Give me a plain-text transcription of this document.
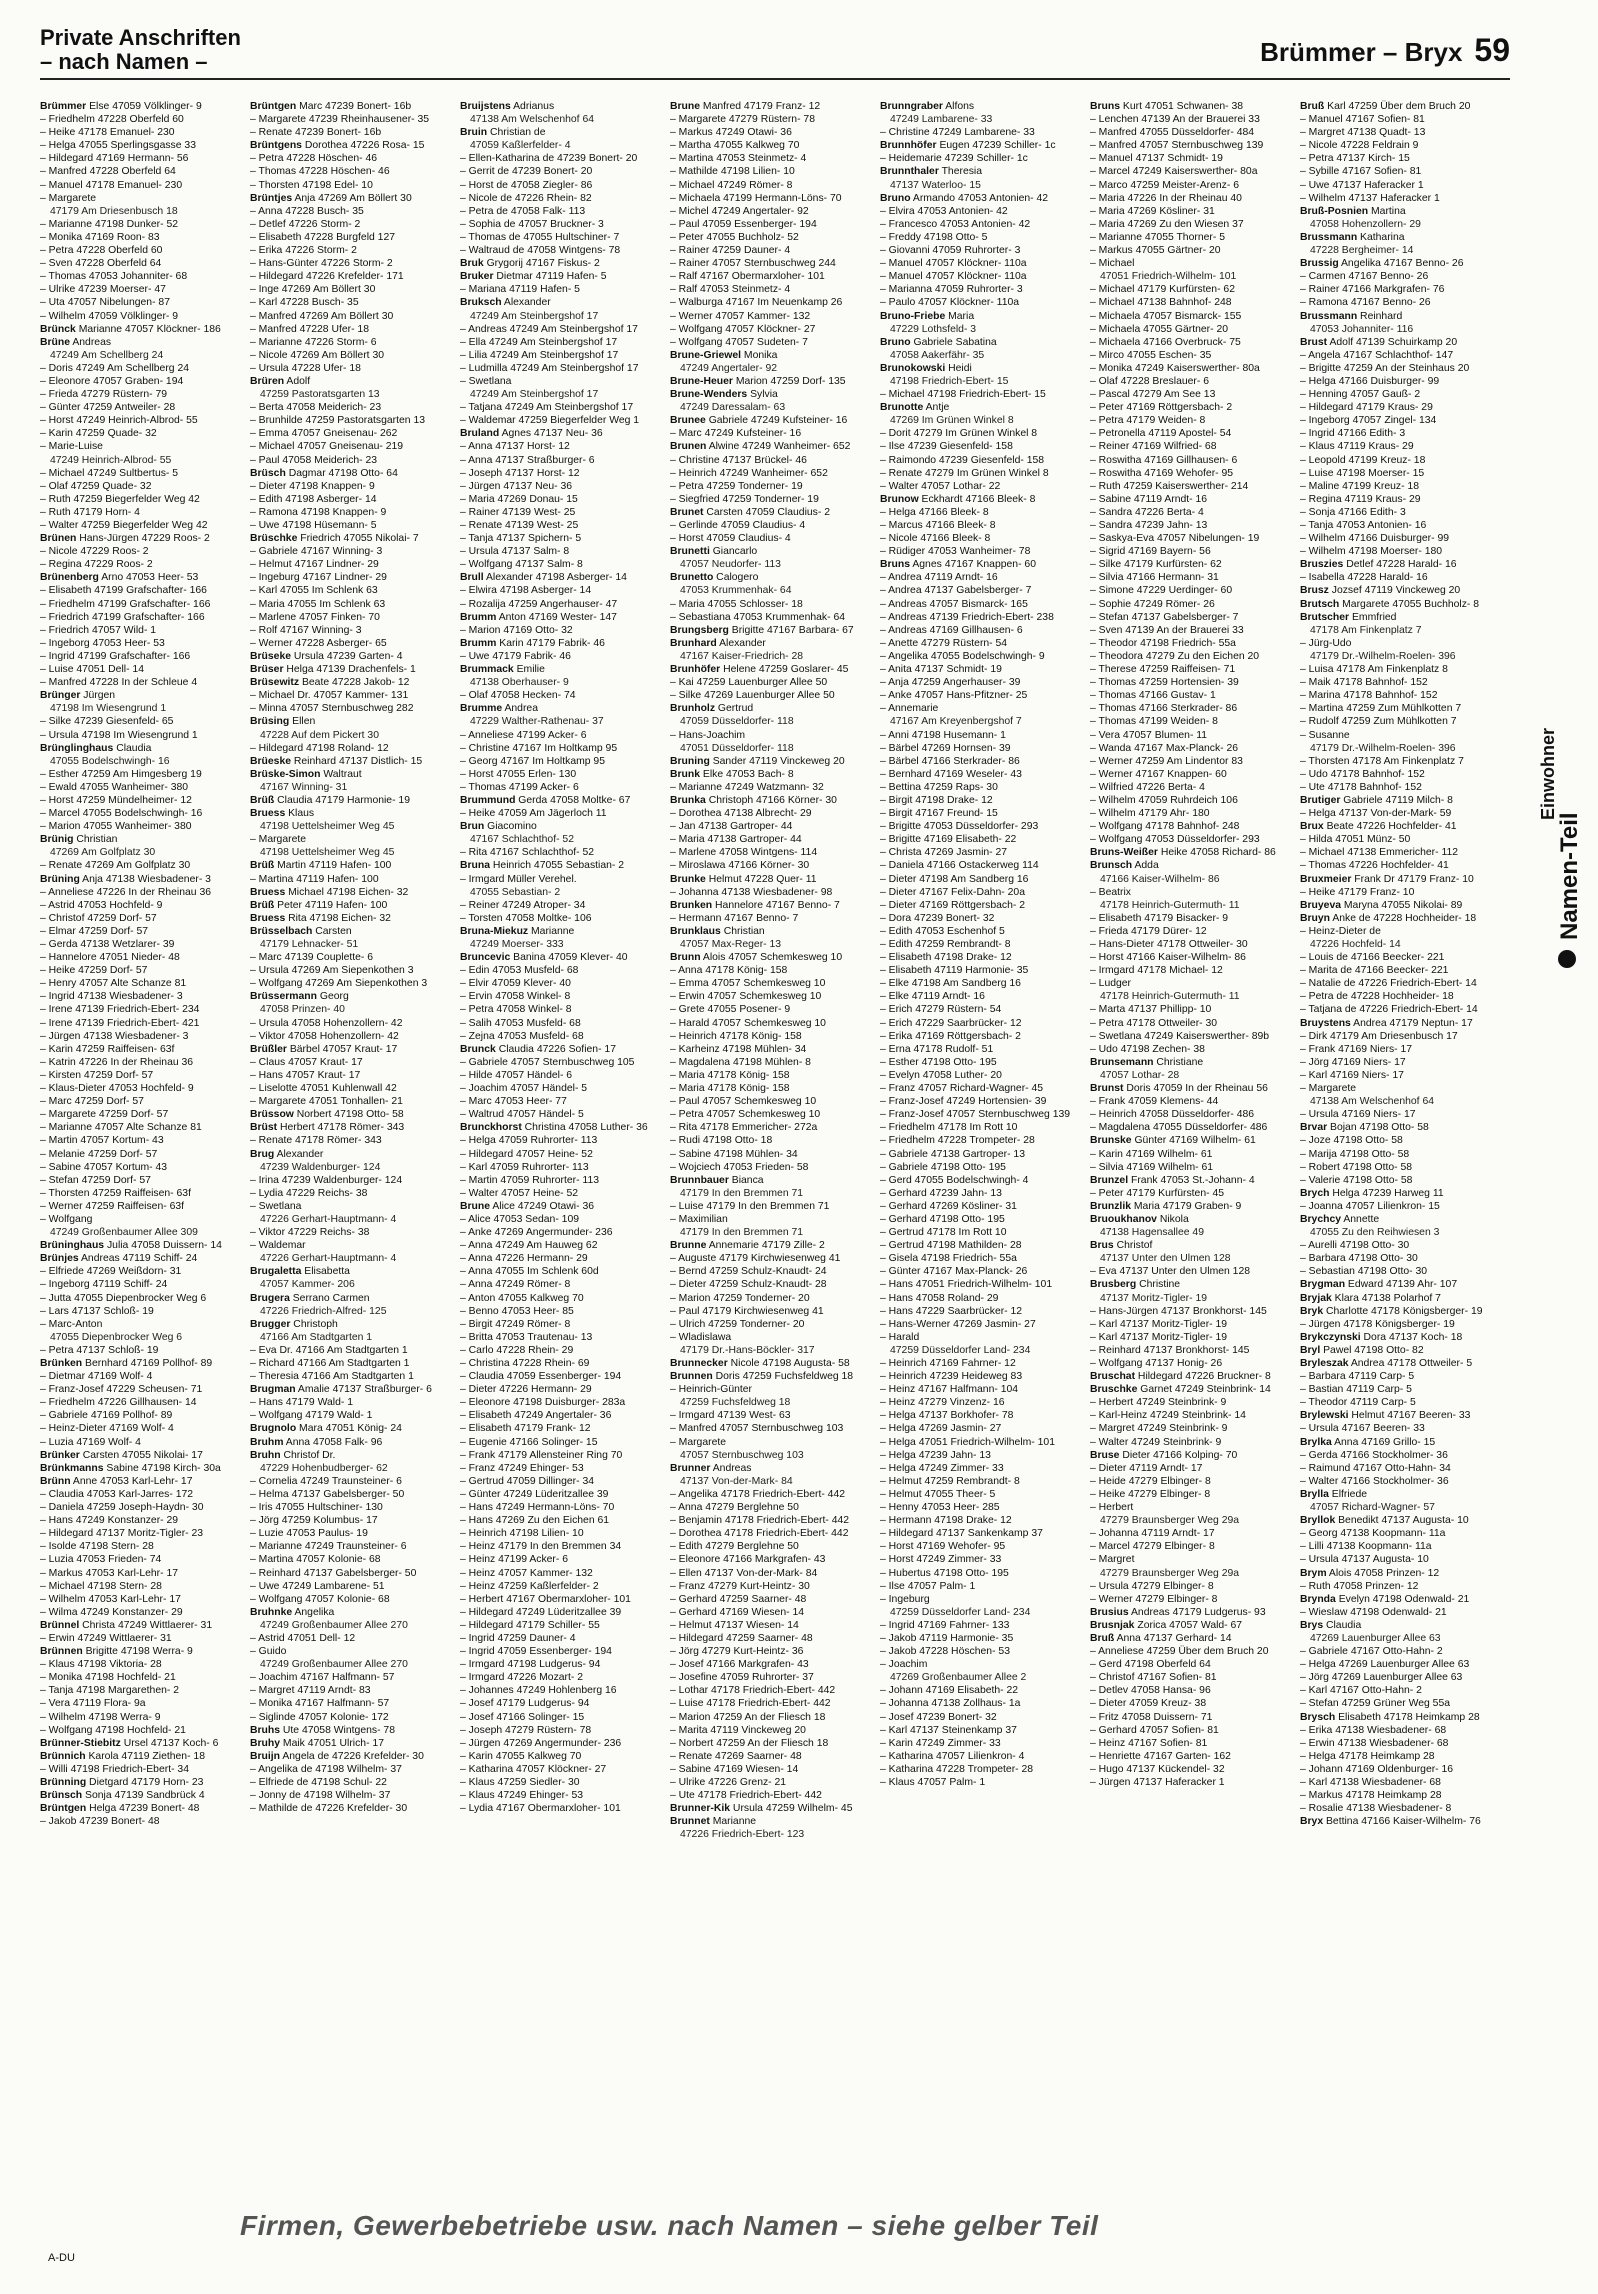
Private Anschriften
– nach Namen –	Brümmer – Bryx 59
Brümmer Else 47059 Völklinger- 9
– Friedhelm 47228 Oberfeld 60
– Heike 47178 Emanuel- 230
– Helga 47055 Sperlingsgasse 33
– Hildegard 47169 Hermann- 56
– Manfred 47228 Oberfeld 64
– Manuel 47178 Emanuel- 230
– Margarete
47179 Am Driesenbusch 18
– Marianne 47198 Dunker- 52
– Monika 47169 Roon- 83
– Petra 47228 Oberfeld 60
– Sven 47228 Oberfeld 64
– Thomas 47053 Johanniter- 68
– Ulrike 47239 Moerser- 47
– Uta 47057 Nibelungen- 87
– Wilhelm 47059 Völklinger- 9
Brünck Marianne 47057 Klöckner- 186
Brüne Andreas
47249 Am Schellberg 24
– Doris 47249 Am Schellberg 24
– Eleonore 47057 Graben- 194
– Frieda 47279 Rüstern- 79
– Günter 47259 Antweiler- 28
– Horst 47249 Heinrich-Albrod- 55
– Karin 47259 Quade- 32
– Marie-Luise
47249 Heinrich-Albrod- 55
– Michael 47249 Sultbertus- 5
– Olaf 47259 Quade- 32
– Ruth 47259 Biegerfelder Weg 42
– Ruth 47179 Horn- 4
– Walter 47259 Biegerfelder Weg 42
Brünen Hans-Jürgen 47229 Roos- 2
– Nicole 47229 Roos- 2
– Regina 47229 Roos- 2
Brünenberg Arno 47053 Heer- 53
– Elisabeth 47199 Grafschafter- 166
– Friedhelm 47199 Grafschafter- 166
– Friedrich 47199 Grafschafter- 166
– Friedrich 47057 Wild- 1
– Ingeborg 47053 Heer- 53
– Ingrid 47199 Grafschafter- 166
– Luise 47051 Dell- 14
– Manfred 47228 In der Schleue 4
Brünger Jürgen
47198 Im Wiesengrund 1
– Silke 47239 Giesenfeld- 65
– Ursula 47198 Im Wiesengrund 1
Brünglinghaus Claudia
47055 Bodelschwingh- 16
– Esther 47259 Am Himgesberg 19
– Ewald 47055 Wanheimer- 380
– Horst 47259 Mündelheimer- 12
– Marcel 47055 Bodelschwingh- 16
– Marion 47055 Wanheimer- 380
Brünig Christian
47269 Am Golfplatz 30
– Renate 47269 Am Golfplatz 30
Brüning Anja 47138 Wiesbadener- 3
– Anneliese 47226 In der Rheinau 36
– Astrid 47053 Hochfeld- 9
– Christof 47259 Dorf- 57
– Elmar 47259 Dorf- 57
– Gerda 47138 Wetzlarer- 39
– Hannelore 47051 Nieder- 48
– Heike 47259 Dorf- 57
– Henry 47057 Alte Schanze 81
– Ingrid 47138 Wiesbadener- 3
– Irene 47139 Friedrich-Ebert- 234
– Irene 47139 Friedrich-Ebert- 421
– Jürgen 47138 Wiesbadener- 3
– Karin 47259 Raiffeisen- 63f
– Katrin 47226 In der Rheinau 36
– Kirsten 47259 Dorf- 57
– Klaus-Dieter 47053 Hochfeld- 9
– Marc 47259 Dorf- 57
– Margarete 47259 Dorf- 57
– Marianne 47057 Alte Schanze 81
– Martin 47057 Kortum- 43
– Melanie 47259 Dorf- 57
– Sabine 47057 Kortum- 43
– Stefan 47259 Dorf- 57
– Thorsten 47259 Raiffeisen- 63f
– Werner 47259 Raiffeisen- 63f
– Wolfgang
47249 Großenbaumer Allee 309
Brüninghaus Julia 47058 Duissern- 14
Brünjes Andreas 47119 Schiff- 24
– Elfriede 47269 Weißdorn- 31
– Ingeborg 47119 Schiff- 24
– Jutta 47055 Diepenbrocker Weg 6
– Lars 47137 Schloß- 19
– Marc-Anton
47055 Diepenbrocker Weg 6
– Petra 47137 Schloß- 19
Brünken Bernhard 47169 Pollhof- 89
– Dietmar 47169 Wolf- 4
– Franz-Josef 47229 Scheusen- 71
– Friedhelm 47226 Gillhausen- 14
– Gabriele 47169 Pollhof- 89
– Heinz-Dieter 47169 Wolf- 4
– Luzia 47169 Wolf- 4
Brünker Carsten 47055 Nikolai- 17
Brünkmanns Sabine 47198 Kirch- 30a
Brünn Anne 47053 Karl-Lehr- 17
– Claudia 47053 Karl-Jarres- 172
– Daniela 47259 Joseph-Haydn- 30
– Hans 47249 Konstanzer- 29
– Hildegard 47137 Moritz-Tigler- 23
– Isolde 47198 Stern- 28
– Luzia 47053 Frieden- 74
– Markus 47053 Karl-Lehr- 17
– Michael 47198 Stern- 28
– Wilhelm 47053 Karl-Lehr- 17
– Wilma 47249 Konstanzer- 29
Brünnel Christa 47249 Wittlaerer- 31
– Erwin 47249 Wittlaerer- 31
Brünnen Brigitte 47198 Werra- 9
– Klaus 47198 Viktoria- 28
– Monika 47198 Hochfeld- 21
– Tanja 47198 Margarethen- 2
– Vera 47119 Flora- 9a
– Wilhelm 47198 Werra- 9
– Wolfgang 47198 Hochfeld- 21
Brünner-Stiebitz Ursel 47137 Koch- 6
Brünnich Karola 47119 Ziethen- 18
– Willi 47198 Friedrich-Ebert- 34
Brünning Dietgard 47179 Horn- 23
Brünsch Sonja 47139 Sandbrück 4
Brüntgen Helga 47239 Bonert- 48
– Jakob 47239 Bonert- 48
Brüntgen Marc 47239 Bonert- 16b
– Margarete 47239 Rheinhausener- 35
– Renate 47239 Bonert- 16b
Brüntgens Dorothea 47226 Rosa- 15
– Petra 47228 Höschen- 46
– Thomas 47228 Höschen- 46
– Thorsten 47198 Edel- 10
Brüntjes Anja 47269 Am Böllert 30
– Anna 47228 Busch- 35
– Detlef 47226 Storm- 2
– Elisabeth 47228 Burgfeld 127
– Erika 47226 Storm- 2
– Hans-Günter 47226 Storm- 2
– Hildegard 47226 Krefelder- 171
– Inge 47269 Am Böllert 30
– Karl 47228 Busch- 35
– Manfred 47269 Am Böllert 30
– Manfred 47228 Ufer- 18
– Marianne 47226 Storm- 6
– Nicole 47269 Am Böllert 30
– Ursula 47228 Ufer- 18
Brüren Adolf
47259 Pastoratsgarten 13
– Berta 47058 Meiderich- 23
– Brunhilde 47259 Pastoratsgarten 13
– Emma 47057 Gneisenau- 262
– Michael 47057 Gneisenau- 219
– Paul 47058 Meiderich- 23
Brüsch Dagmar 47198 Otto- 64
– Dieter 47198 Knappen- 9
– Edith 47198 Asberger- 14
– Ramona 47198 Knappen- 9
– Uwe 47198 Hüsemann- 5
Brüschke Friedrich 47055 Nikolai- 7
– Gabriele 47167 Winning- 3
– Helmut 47167 Lindner- 29
– Ingeburg 47167 Lindner- 29
– Karl 47055 Im Schlenk 63
– Maria 47055 Im Schlenk 63
– Marlene 47057 Finken- 70
– Rolf 47167 Winning- 3
– Werner 47228 Asberger- 65
Brüseke Ursula 47239 Garten- 4
Brüser Helga 47139 Drachenfels- 1
Brüsewitz Beate 47228 Jakob- 12
– Michael Dr. 47057 Kammer- 131
– Minna 47057 Sternbuschweg 282
Brüsing Ellen
47228 Auf dem Pickert 30
– Hildegard 47198 Roland- 12
Brüeske Reinhard 47137 Distlich- 15
Brüske-Simon Waltraut
47167 Winning- 31
Brüß Claudia 47179 Harmonie- 19
Bruess Klaus
47198 Uettelsheimer Weg 45
– Margarete
47198 Uettelsheimer Weg 45
Brüß Martin 47119 Hafen- 100
– Martina 47119 Hafen- 100
Bruess Michael 47198 Eichen- 32
Brüß Peter 47119 Hafen- 100
Bruess Rita 47198 Eichen- 32
Brüsselbach Carsten
47179 Lehnacker- 51
– Marc 47139 Couplette- 6
– Ursula 47269 Am Siepenkothen 3
– Wolfgang 47269 Am Siepenkothen 3
Brüssermann Georg
47058 Prinzen- 40
– Ursula 47058 Hohenzollern- 42
– Viktor 47058 Hohenzollern- 42
Brüßler Bärbel 47057 Kraut- 17
– Claus 47057 Kraut- 17
– Hans 47057 Kraut- 17
– Liselotte 47051 Kuhlenwall 42
– Margarete 47051 Tonhallen- 21
Brüssow Norbert 47198 Otto- 58
Brüst Herbert 47178 Römer- 343
– Renate 47178 Römer- 343
Brug Alexander
47239 Waldenburger- 124
– Irina 47239 Waldenburger- 124
– Lydia 47229 Reichs- 38
– Swetlana
47226 Gerhart-Hauptmann- 4
– Viktor 47229 Reichs- 38
– Waldemar
47226 Gerhart-Hauptmann- 4
Brugaletta Elisabetta
47057 Kammer- 206
Brugera Serrano Carmen
47226 Friedrich-Alfred- 125
Brugger Christoph
47166 Am Stadtgarten 1
– Eva Dr. 47166 Am Stadtgarten 1
– Richard 47166 Am Stadtgarten 1
– Theresia 47166 Am Stadtgarten 1
Brugman Amalie 47137 Straßburger- 6
– Hans 47179 Wald- 1
– Wolfgang 47179 Wald- 1
Brugnolo Mara 47051 König- 24
Bruhm Anna 47058 Falk- 96
Bruhn Christof Dr.
47229 Hohenbudberger- 62
– Cornelia 47249 Traunsteiner- 6
– Helma 47137 Gabelsberger- 50
– Iris 47055 Hultschiner- 130
– Jörg 47259 Kolumbus- 17
– Luzie 47053 Paulus- 19
– Marianne 47249 Traunsteiner- 6
– Martina 47057 Kolonie- 68
– Reinhard 47137 Gabelsberger- 50
– Uwe 47249 Lambarene- 51
– Wolfgang 47057 Kolonie- 68
Bruhnke Angelika
47249 Großenbaumer Allee 270
– Astrid 47051 Dell- 12
– Guido
47249 Großenbaumer Allee 270
– Joachim 47167 Halfmann- 57
– Margret 47119 Arndt- 83
– Monika 47167 Halfmann- 57
– Siglinde 47057 Kolonie- 172
Bruhs Ute 47058 Wintgens- 78
Bruhy Maik 47051 Ulrich- 17
Bruijn Angela de 47226 Krefelder- 30
– Angelika de 47198 Wilhelm- 37
– Elfriede de 47198 Schul- 22
– Jonny de 47198 Wilhelm- 37
– Mathilde de 47226 Krefelder- 30
Bruijstens Adrianus
47138 Am Welschenhof 64
Bruin Christian de
47059 Kaßlerfelder- 4
– Ellen-Katharina de 47239 Bonert- 20
– Gerrit de 47239 Bonert- 20
– Horst de 47058 Ziegler- 86
– Nicole de 47226 Rhein- 82
– Petra de 47058 Falk- 113
– Sophia de 47057 Bruckner- 3
– Thomas de 47055 Hultschiner- 7
– Waltraud de 47058 Wintgens- 78
Bruk Grygorij 47167 Fiskus- 2
Bruker Dietmar 47119 Hafen- 5
– Mariana 47119 Hafen- 5
Bruksch Alexander
47249 Am Steinbergshof 17
– Andreas 47249 Am Steinbergshof 17
– Ella 47249 Am Steinbergshof 17
– Lilia 47249 Am Steinbergshof 17
– Ludmilla 47249 Am Steinbergshof 17
– Swetlana
47249 Am Steinbergshof 17
– Tatjana 47249 Am Steinbergshof 17
– Waldemar 47259 Biegerfelder Weg 1
Bruland Agnes 47137 Neu- 36
– Anna 47137 Horst- 12
– Anna 47137 Straßburger- 6
– Joseph 47137 Horst- 12
– Jürgen 47137 Neu- 36
– Maria 47269 Donau- 15
– Rainer 47139 West- 25
– Renate 47139 West- 25
– Tanja 47137 Spichern- 5
– Ursula 47137 Salm- 8
– Wolfgang 47137 Salm- 8
Brull Alexander 47198 Asberger- 14
– Elwira 47198 Asberger- 14
– Rozalija 47259 Angerhauser- 47
Brumm Anton 47169 Wester- 147
– Marion 47169 Otto- 32
Brumm Karin 47179 Fabrik- 46
– Uwe 47179 Fabrik- 46
Brummack Emilie
47138 Oberhauser- 9
– Olaf 47058 Hecken- 74
Brumme Andrea
47229 Walther-Rathenau- 37
– Anneliese 47199 Acker- 6
– Christine 47167 Im Holtkamp 95
– Georg 47167 Im Holtkamp 95
– Horst 47055 Erlen- 130
– Thomas 47199 Acker- 6
Brummund Gerda 47058 Moltke- 67
– Heike 47059 Am Jägerloch 11
Brun Giacomino
47167 Schlachthof- 52
– Rita 47167 Schlachthof- 52
Bruna Heinrich 47055 Sebastian- 2
– Irmgard Müller Verehel.
47055 Sebastian- 2
– Reiner 47249 Atroper- 34
– Torsten 47058 Moltke- 106
Bruna-Miekuz Marianne
47249 Moerser- 333
Bruncevic Banina 47059 Klever- 40
– Edin 47053 Musfeld- 68
– Elvir 47059 Klever- 40
– Ervin 47058 Winkel- 8
– Petra 47058 Winkel- 8
– Salih 47053 Musfeld- 68
– Zejna 47053 Musfeld- 68
Brunck Claudia 47226 Sofien- 17
– Gabriele 47057 Sternbuschweg 105
– Hilde 47057 Händel- 6
– Joachim 47057 Händel- 5
– Marc 47053 Heer- 77
– Waltrud 47057 Händel- 5
Brunckhorst Christina 47058 Luther- 36
– Helga 47059 Ruhrorter- 113
– Hildegard 47057 Heine- 52
– Karl 47059 Ruhrorter- 113
– Martin 47059 Ruhrorter- 113
– Walter 47057 Heine- 52
Brune Alice 47249 Otawi- 36
– Alice 47053 Sedan- 109
– Anke 47269 Angermunder- 236
– Anna 47249 Am Hauweg 62
– Anna 47226 Hermann- 29
– Anna 47055 Im Schlenk 60d
– Anna 47249 Römer- 8
– Anton 47055 Kalkweg 70
– Benno 47053 Heer- 85
– Birgit 47249 Römer- 8
– Britta 47053 Trautenau- 13
– Carlo 47228 Rhein- 29
– Christina 47228 Rhein- 69
– Claudia 47059 Essenberger- 194
– Dieter 47226 Hermann- 29
– Eleonore 47198 Duisburger- 283a
– Elisabeth 47249 Angertaler- 36
– Elisabeth 47179 Frank- 12
– Eugenie 47166 Solinger- 15
– Frank 47179 Allensteiner Ring 70
– Franz 47249 Ehinger- 53
– Gertrud 47059 Dillinger- 34
– Günter 47249 Lüderitzallee 39
– Hans 47249 Hermann-Löns- 70
– Hans 47269 Zu den Eichen 61
– Heinrich 47198 Lilien- 10
– Heinz 47179 In den Bremmen 34
– Heinz 47199 Acker- 6
– Heinz 47057 Kammer- 132
– Heinz 47259 Kaßlerfelder- 2
– Herbert 47167 Obermarxloher- 101
– Hildegard 47249 Lüderitzallee 39
– Hildegard 47179 Schiller- 55
– Ingrid 47259 Dauner- 4
– Ingrid 47059 Essenberger- 194
– Irmgard 47198 Ludgerus- 94
– Irmgard 47226 Mozart- 2
– Johannes 47249 Hohlenberg 16
– Josef 47179 Ludgerus- 94
– Josef 47166 Solinger- 15
– Joseph 47279 Rüstern- 78
– Jürgen 47269 Angermunder- 236
– Karin 47055 Kalkweg 70
– Katharina 47057 Klöckner- 27
– Klaus 47259 Siedler- 30
– Klaus 47249 Ehinger- 53
– Lydia 47167 Obermarxloher- 101
Brune Manfred 47179 Franz- 12
– Margarete 47279 Rüstern- 78
– Markus 47249 Otawi- 36
– Martha 47055 Kalkweg 70
– Martina 47053 Steinmetz- 4
– Mathilde 47198 Lilien- 10
– Michael 47249 Römer- 8
– Michaela 47199 Hermann-Löns- 70
– Michel 47249 Angertaler- 92
– Paul 47059 Essenberger- 194
– Peter 47055 Buchholz- 52
– Rainer 47259 Dauner- 4
– Rainer 47057 Sternbuschweg 244
– Ralf 47167 Obermarxloher- 101
– Ralf 47053 Steinmetz- 4
– Walburga 47167 Im Neuenkamp 26
– Werner 47057 Kammer- 132
– Wolfgang 47057 Klöckner- 27
– Wolfgang 47057 Sudeten- 7
Brune-Griewel Monika
47249 Angertaler- 92
Brune-Heuer Marion 47259 Dorf- 135
Brune-Wenders Sylvia
47249 Daressalam- 63
Brunee Gabriele 47249 Kufsteiner- 16
– Marc 47249 Kufsteiner- 16
Brunen Alwine 47249 Wanheimer- 652
– Christine 47137 Brückel- 46
– Heinrich 47249 Wanheimer- 652
– Petra 47259 Tonderner- 19
– Siegfried 47259 Tonderner- 19
Brunet Carsten 47059 Claudius- 2
– Gerlinde 47059 Claudius- 4
– Horst 47059 Claudius- 4
Brunetti Giancarlo
47057 Neudorfer- 113
Brunetto Calogero
47053 Krummenhak- 64
– Maria 47055 Schlosser- 18
– Sebastiana 47053 Krummenhak- 64
Brungsberg Brigitte 47167 Barbara- 67
Brunhard Alexander
47167 Kaiser-Friedrich- 28
Brunhöfer Helene 47259 Goslarer- 45
– Kai 47259 Lauenburger Allee 50
– Silke 47269 Lauenburger Allee 50
Brunholz Gertrud
47059 Düsseldorfer- 118
– Hans-Joachim
47051 Düsseldorfer- 118
Bruning Sander 47119 Vinckeweg 20
Brunk Elke 47053 Bach- 8
– Marianne 47249 Watzmann- 32
Brunka Christoph 47166 Körner- 30
– Dorothea 47138 Albrecht- 29
– Jan 47138 Gartroper- 44
– Maria 47138 Gartroper- 44
– Marlene 47058 Wintgens- 114
– Miroslawa 47166 Körner- 30
Brunke Helmut 47228 Quer- 11
– Johanna 47138 Wiesbadener- 98
Brunken Hannelore 47167 Benno- 7
– Hermann 47167 Benno- 7
Brunklaus Christian
47057 Max-Reger- 13
Brunn Alois 47057 Schemkesweg 10
– Anna 47178 König- 158
– Emma 47057 Schemkesweg 10
– Erwin 47057 Schemkesweg 10
– Grete 47055 Posener- 9
– Harald 47057 Schemkesweg 10
– Heinrich 47178 König- 158
– Karheinz 47198 Mühlen- 34
– Magdalena 47198 Mühlen- 8
– Maria 47178 König- 158
– Maria 47178 König- 158
– Paul 47057 Schemkesweg 10
– Petra 47057 Schemkesweg 10
– Rita 47178 Emmericher- 272a
– Rudi 47198 Otto- 18
– Sabine 47198 Mühlen- 34
– Wojciech 47053 Frieden- 58
Brunnbauer Bianca
47179 In den Bremmen 71
– Luise 47179 In den Bremmen 71
– Maximilian
47179 In den Bremmen 71
Brunne Annemarie 47179 Zille- 2
– Auguste 47179 Kirchwiesenweg 41
– Bernd 47259 Schulz-Knaudt- 24
– Dieter 47259 Schulz-Knaudt- 28
– Marion 47259 Tonderner- 20
– Paul 47179 Kirchwiesenweg 41
– Ulrich 47259 Tonderner- 20
– Wladislawa
47179 Dr.-Hans-Böckler- 317
Brunnecker Nicole 47198 Augusta- 58
Brunnen Doris 47259 Fuchsfeldweg 18
– Heinrich-Günter
47259 Fuchsfeldweg 18
– Irmgard 47139 West- 63
– Manfred 47057 Sternbuschweg 103
– Margarete
47057 Sternbuschweg 103
Brunner Andreas
47137 Von-der-Mark- 84
– Angelika 47178 Friedrich-Ebert- 442
– Anna 47279 Berglehne 50
– Benjamin 47178 Friedrich-Ebert- 442
– Dorothea 47178 Friedrich-Ebert- 442
– Edith 47279 Berglehne 50
– Eleonore 47166 Markgrafen- 43
– Ellen 47137 Von-der-Mark- 84
– Franz 47279 Kurt-Heintz- 30
– Gerhard 47259 Saarner- 48
– Gerhard 47169 Wiesen- 14
– Helmut 47137 Wiesen- 14
– Hildegard 47259 Saarner- 48
– Jörg 47279 Kurt-Heintz- 36
– Josef 47166 Markgrafen- 43
– Josefine 47059 Ruhrorter- 37
– Lothar 47178 Friedrich-Ebert- 442
– Luise 47178 Friedrich-Ebert- 442
– Marion 47259 An der Fliesch 18
– Marita 47119 Vinckeweg 20
– Norbert 47259 An der Fliesch 18
– Renate 47269 Saarner- 48
– Sabine 47169 Wiesen- 14
– Ulrike 47226 Grenz- 21
– Ute 47178 Friedrich-Ebert- 442
Brunner-Kik Ursula 47259 Wilhelm- 45
Brunnet Marianne
47226 Friedrich-Ebert- 123
Brunngraber Alfons
47249 Lambarene- 33
– Christine 47249 Lambarene- 33
Brunnhöfer Eugen 47239 Schiller- 1c
– Heidemarie 47239 Schiller- 1c
Brunnthaler Theresia
47137 Waterloo- 15
Bruno Armando 47053 Antonien- 42
– Elvira 47053 Antonien- 42
– Francesco 47053 Antonien- 42
– Freddy 47198 Otto- 5
– Giovanni 47059 Ruhrorter- 3
– Manuel 47057 Klöckner- 110a
– Manuel 47057 Klöckner- 110a
– Marianna 47059 Ruhrorter- 3
– Paulo 47057 Klöckner- 110a
Bruno-Friebe Maria
47229 Lothsfeld- 3
Bruno Gabriele Sabatina
47058 Aakerfähr- 35
Brunokowski Heidi
47198 Friedrich-Ebert- 15
– Michael 47198 Friedrich-Ebert- 15
Brunotte Antje
47269 Im Grünen Winkel 8
– Dorit 47279 Im Grünen Winkel 8
– Ilse 47239 Giesenfeld- 158
– Raimondo 47239 Giesenfeld- 158
– Renate 47279 Im Grünen Winkel 8
– Walter 47057 Lothar- 22
Brunow Eckhardt 47166 Bleek- 8
– Helga 47166 Bleek- 8
– Marcus 47166 Bleek- 8
– Nicole 47166 Bleek- 8
– Rüdiger 47053 Wanheimer- 78
Bruns Agnes 47167 Knappen- 60
– Andrea 47119 Arndt- 16
– Andrea 47137 Gabelsberger- 7
– Andreas 47057 Bismarck- 165
– Andreas 47139 Friedrich-Ebert- 238
– Andreas 47169 Gillhausen- 6
– Anette 47279 Rüstern- 54
– Angelika 47055 Bodelschwingh- 9
– Anita 47137 Schmidt- 19
– Anja 47259 Angerhauser- 39
– Anke 47057 Hans-Pfitzner- 25
– Annemarie
47167 Am Kreyenbergshof 7
– Anni 47198 Husemann- 1
– Bärbel 47269 Hornsen- 39
– Bärbel 47166 Sterkrader- 86
– Bernhard 47169 Weseler- 43
– Bettina 47259 Raps- 30
– Birgit 47198 Drake- 12
– Birgit 47167 Freund- 15
– Brigitte 47053 Düsseldorfer- 293
– Brigitte 47169 Elisabeth- 22
– Christa 47269 Jasmin- 27
– Daniela 47166 Ostackerweg 114
– Dieter 47198 Am Sandberg 16
– Dieter 47167 Felix-Dahn- 20a
– Dieter 47169 Röttgersbach- 2
– Dora 47239 Bonert- 32
– Edith 47053 Eschenhof 5
– Edith 47259 Rembrandt- 8
– Elisabeth 47198 Drake- 12
– Elisabeth 47119 Harmonie- 35
– Elke 47198 Am Sandberg 16
– Elke 47119 Arndt- 16
– Erich 47279 Rüstern- 54
– Erich 47229 Saarbrücker- 12
– Erika 47169 Röttgersbach- 2
– Erna 47178 Rudolf- 51
– Esther 47198 Otto- 195
– Evelyn 47058 Luther- 20
– Franz 47057 Richard-Wagner- 45
– Franz-Josef 47249 Hortensien- 39
– Franz-Josef 47057 Sternbuschweg 139
– Friedhelm 47178 Im Rott 10
– Friedhelm 47228 Trompeter- 28
– Gabriele 47138 Gartroper- 13
– Gabriele 47198 Otto- 195
– Gerd 47055 Bodelschwingh- 4
– Gerhard 47239 Jahn- 13
– Gerhard 47269 Kösliner- 31
– Gerhard 47198 Otto- 195
– Gertrud 47178 Im Rott 10
– Gertrud 47198 Mathilden- 28
– Gisela 47198 Friedrich- 55a
– Günter 47167 Max-Planck- 26
– Hans 47051 Friedrich-Wilhelm- 101
– Hans 47058 Roland- 29
– Hans 47229 Saarbrücker- 12
– Hans-Werner 47269 Jasmin- 27
– Harald
47259 Düsseldorfer Land- 234
– Heinrich 47169 Fahrner- 12
– Heinrich 47239 Heideweg 83
– Heinz 47167 Halfmann- 104
– Heinz 47279 Vinzenz- 16
– Helga 47137 Borkhofer- 78
– Helga 47269 Jasmin- 27
– Helga 47051 Friedrich-Wilhelm- 101
– Helga 47239 Jahn- 13
– Helga 47249 Zimmer- 33
– Helmut 47259 Rembrandt- 8
– Helmut 47055 Theer- 5
– Henny 47053 Heer- 285
– Hermann 47198 Drake- 12
– Hildegard 47137 Sankenkamp 37
– Horst 47169 Wehofer- 95
– Horst 47249 Zimmer- 33
– Hubertus 47198 Otto- 195
– Ilse 47057 Palm- 1
– Ingeburg
47259 Düsseldorfer Land- 234
– Ingrid 47169 Fahrner- 133
– Jakob 47119 Harmonie- 35
– Jakob 47228 Höschen- 53
– Joachim
47269 Großenbaumer Allee 2
– Johann 47169 Elisabeth- 22
– Johanna 47138 Zollhaus- 1a
– Josef 47239 Bonert- 32
– Karl 47137 Steinenkamp 37
– Karin 47249 Zimmer- 33
– Katharina 47057 Lilienkron- 4
– Katharina 47228 Trompeter- 28
– Klaus 47057 Palm- 1
Bruns Kurt 47051 Schwanen- 38
– Lenchen 47139 An der Brauerei 33
– Manfred 47055 Düsseldorfer- 484
– Manfred 47057 Sternbuschweg 139
– Manuel 47137 Schmidt- 19
– Marcel 47249 Kaiserswerther- 80a
– Marco 47259 Meister-Arenz- 6
– Maria 47226 In der Rheinau 40
– Maria 47269 Kösliner- 31
– Maria 47269 Zu den Wiesen 37
– Marianne 47055 Thorner- 5
– Markus 47055 Gärtner- 20
– Michael
47051 Friedrich-Wilhelm- 101
– Michael 47179 Kurfürsten- 62
– Michael 47138 Bahnhof- 248
– Michaela 47057 Bismarck- 155
– Michaela 47055 Gärtner- 20
– Michaela 47166 Overbruck- 75
– Mirco 47055 Eschen- 35
– Monika 47249 Kaiserswerther- 80a
– Olaf 47228 Breslauer- 6
– Pascal 47279 Am See 13
– Peter 47169 Röttgersbach- 2
– Petra 47179 Weiden- 8
– Petronella 47119 Apostel- 54
– Reiner 47169 Wilfried- 68
– Roswitha 47169 Gillhausen- 6
– Roswitha 47169 Wehofer- 95
– Ruth 47259 Kaiserswerther- 214
– Sabine 47119 Arndt- 16
– Sandra 47226 Berta- 4
– Sandra 47239 Jahn- 13
– Saskya-Eva 47057 Nibelungen- 19
– Sigrid 47169 Bayern- 56
– Silke 47179 Kurfürsten- 62
– Silvia 47166 Hermann- 31
– Simone 47229 Uerdinger- 60
– Sophie 47249 Römer- 26
– Stefan 47137 Gabelsberger- 7
– Sven 47139 An der Brauerei 33
– Theodor 47198 Friedrich- 55a
– Theodora 47279 Zu den Eichen 20
– Therese 47259 Raiffeisen- 71
– Thomas 47259 Hortensien- 39
– Thomas 47166 Gustav- 1
– Thomas 47166 Sterkrader- 86
– Thomas 47199 Weiden- 8
– Vera 47057 Blumen- 11
– Wanda 47167 Max-Planck- 26
– Werner 47259 Am Lindentor 83
– Werner 47167 Knappen- 60
– Wilfried 47226 Berta- 4
– Wilhelm 47059 Ruhrdeich 106
– Wilhelm 47179 Ahr- 180
– Wolfgang 47178 Bahnhof- 248
– Wolfgang 47053 Düsseldorfer- 293
Bruns-Weißer Heike 47058 Richard- 86
Brunsch Adda
47166 Kaiser-Wilhelm- 86
– Beatrix
47178 Heinrich-Gutermuth- 11
– Elisabeth 47179 Bisacker- 9
– Frieda 47179 Dürer- 12
– Hans-Dieter 47178 Ottweiler- 30
– Horst 47166 Kaiser-Wilhelm- 86
– Irmgard 47178 Michael- 12
– Ludger
47178 Heinrich-Gutermuth- 11
– Marta 47137 Phillipp- 10
– Petra 47178 Ottweiler- 30
– Swetlana 47249 Kaiserswerther- 89b
– Udo 47198 Zechen- 38
Brunsemann Christiane
47057 Lothar- 28
Brunst Doris 47059 In der Rheinau 56
– Frank 47059 Klemens- 44
– Heinrich 47058 Düsseldorfer- 486
– Magdalena 47055 Düsseldorfer- 486
Brunske Günter 47169 Wilhelm- 61
– Karin 47169 Wilhelm- 61
– Silvia 47169 Wilhelm- 61
Brunzel Frank 47053 St.-Johann- 4
– Peter 47179 Kurfürsten- 45
Brunzlik Maria 47179 Graben- 9
Bruoukhanov Nikola
47138 Hagensallee 49
Brus Christof
47137 Unter den Ulmen 128
– Eva 47137 Unter den Ulmen 128
Brusberg Christine
47137 Moritz-Tigler- 19
– Hans-Jürgen 47137 Bronkhorst- 145
– Karl 47137 Moritz-Tigler- 19
– Karl 47137 Moritz-Tigler- 19
– Reinhard 47137 Bronkhorst- 145
– Wolfgang 47137 Honig- 26
Bruschat Hildegard 47226 Bruckner- 8
Bruschke Garnet 47249 Steinbrink- 14
– Herbert 47249 Steinbrink- 9
– Karl-Heinz 47249 Steinbrink- 14
– Margret 47249 Steinbrink- 9
– Walter 47249 Steinbrink- 9
Bruse Dieter 47166 Kolping- 70
– Dieter 47119 Arndt- 17
– Heide 47279 Elbinger- 8
– Heike 47279 Elbinger- 8
– Herbert
47279 Braunsberger Weg 29a
– Johanna 47119 Arndt- 17
– Marcel 47279 Elbinger- 8
– Margret
47279 Braunsberger Weg 29a
– Ursula 47279 Elbinger- 8
– Werner 47279 Elbinger- 8
Brusius Andreas 47179 Ludgerus- 93
Brusnjak Zorica 47057 Wald- 67
Bruß Anna 47137 Gerhard- 14
– Anneliese 47259 Über dem Bruch 20
– Gerd 47198 Oberfeld 64
– Christof 47167 Sofien- 81
– Detlev 47058 Hansa- 96
– Dieter 47059 Kreuz- 38
– Fritz 47058 Duissern- 71
– Gerhard 47057 Sofien- 81
– Heinz 47167 Sofien- 81
– Henriette 47167 Garten- 162
– Hugo 47137 Kückendel- 32
– Jürgen 47137 Haferacker 1
Bruß Karl 47259 Über dem Bruch 20
– Manuel 47167 Sofien- 81
– Margret 47138 Quadt- 13
– Nicole 47228 Feldrain 9
– Petra 47137 Kirch- 15
– Sybille 47167 Sofien- 81
– Uwe 47137 Haferacker 1
– Wilhelm 47137 Haferacker 1
Bruß-Posnien Martina
47058 Hohenzollern- 29
Brussmann Katharina
47228 Bergheimer- 14
Brussig Angelika 47167 Benno- 26
– Carmen 47167 Benno- 26
– Rainer 47166 Markgrafen- 76
– Ramona 47167 Benno- 26
Brussmann Reinhard
47053 Johanniter- 116
Brust Adolf 47139 Schuirkamp 20
– Angela 47167 Schlachthof- 147
– Brigitte 47259 An der Steinhaus 20
– Helga 47166 Duisburger- 99
– Henning 47057 Gauß- 2
– Hildegard 47179 Kraus- 29
– Ingeborg 47057 Zingel- 134
– Ingrid 47166 Edith- 3
– Klaus 47119 Kraus- 29
– Leopold 47199 Kreuz- 18
– Luise 47198 Moerser- 15
– Maline 47199 Kreuz- 18
– Regina 47119 Kraus- 29
– Sonja 47166 Edith- 3
– Tanja 47053 Antonien- 16
– Wilhelm 47166 Duisburger- 99
– Wilhelm 47198 Moerser- 180
Bruszies Detlef 47228 Harald- 16
– Isabella 47228 Harald- 16
Brusz Jozsef 47119 Vinckeweg 20
Brutsch Margarete 47055 Buchholz- 8
Brutscher Emmfried
47178 Am Finkenplatz 7
– Jürg-Udo
47179 Dr.-Wilhelm-Roelen- 396
– Luisa 47178 Am Finkenplatz 8
– Maik 47178 Bahnhof- 152
– Marina 47178 Bahnhof- 152
– Martina 47259 Zum Mühlkotten 7
– Rudolf 47259 Zum Mühlkotten 7
– Susanne
47179 Dr.-Wilhelm-Roelen- 396
– Thorsten 47178 Am Finkenplatz 7
– Udo 47178 Bahnhof- 152
– Ute 47178 Bahnhof- 152
Brutiger Gabriele 47119 Milch- 8
– Helga 47137 Von-der-Mark- 59
Brux Beate 47226 Hochfelder- 41
– Hilda 47051 Münz- 50
– Michael 47138 Emmericher- 112
– Thomas 47226 Hochfelder- 41
Bruxmeier Frank Dr 47179 Franz- 10
– Heike 47179 Franz- 10
Bruyeva Maryna 47055 Nikolai- 89
Bruyn Anke de 47228 Hochheider- 18
– Heinz-Dieter de
47226 Hochfeld- 14
– Louis de 47166 Beecker- 221
– Marita de 47166 Beecker- 221
– Natalie de 47226 Friedrich-Ebert- 14
– Petra de 47228 Hochheider- 18
– Tatjana de 47226 Friedrich-Ebert- 14
Bruystens Andrea 47179 Neptun- 17
– Dirk 47179 Am Driesenbusch 17
– Frank 47169 Niers- 17
– Jörg 47169 Niers- 17
– Karl 47169 Niers- 17
– Margarete
47138 Am Welschenhof 64
– Ursula 47169 Niers- 17
Brvar Bojan 47198 Otto- 58
– Joze 47198 Otto- 58
– Marija 47198 Otto- 58
– Robert 47198 Otto- 58
– Valerie 47198 Otto- 58
Brych Helga 47239 Harweg 11
– Joanna 47057 Lilienkron- 15
Brychcy Annette
47055 Zu den Reihwiesen 3
– Aurelli 47198 Otto- 30
– Barbara 47198 Otto- 30
– Sebastian 47198 Otto- 30
Brygman Edward 47139 Ahr- 107
Bryjak Klara 47138 Polarhof 7
Bryk Charlotte 47178 Königsberger- 19
– Jürgen 47178 Königsberger- 19
Brykczynski Dora 47137 Koch- 18
Bryl Pawel 47198 Otto- 82
Bryleszak Andrea 47178 Ottweiler- 5
– Barbara 47119 Carp- 5
– Bastian 47119 Carp- 5
– Theodor 47119 Carp- 5
Brylewski Helmut 47167 Beeren- 33
– Ursula 47167 Beeren- 33
Brylka Anna 47169 Grillo- 15
– Gerda 47166 Stockholmer- 36
– Raimund 47167 Otto-Hahn- 34
– Walter 47166 Stockholmer- 36
Brylla Elfriede
47057 Richard-Wagner- 57
Bryllok Benedikt 47137 Augusta- 10
– Georg 47138 Koopmann- 11a
– Lilli 47138 Koopmann- 11a
– Ursula 47137 Augusta- 10
Brym Alois 47058 Prinzen- 12
– Ruth 47058 Prinzen- 12
Brynda Evelyn 47198 Odenwald- 21
– Wieslaw 47198 Odenwald- 21
Brys Claudia
47269 Lauenburger Allee 63
– Gabriele 47167 Otto-Hahn- 2
– Helga 47269 Lauenburger Allee 63
– Jörg 47269 Lauenburger Allee 63
– Karl 47167 Otto-Hahn- 2
– Stefan 47259 Grüner Weg 55a
Brysch Elisabeth 47178 Heimkamp 28
– Erika 47138 Wiesbadener- 68
– Erwin 47138 Wiesbadener- 68
– Helga 47178 Heimkamp 28
– Johann 47169 Oldenburger- 16
– Karl 47138 Wiesbadener- 68
– Markus 47178 Heimkamp 28
– Rosalie 47138 Wiesbadener- 8
Bryx Bettina 47166 Kaiser-Wilhelm- 76
Einwohner
Namen-Teil
A-DU
Firmen, Gewerbebetriebe usw. nach Namen – siehe gelber Teil
